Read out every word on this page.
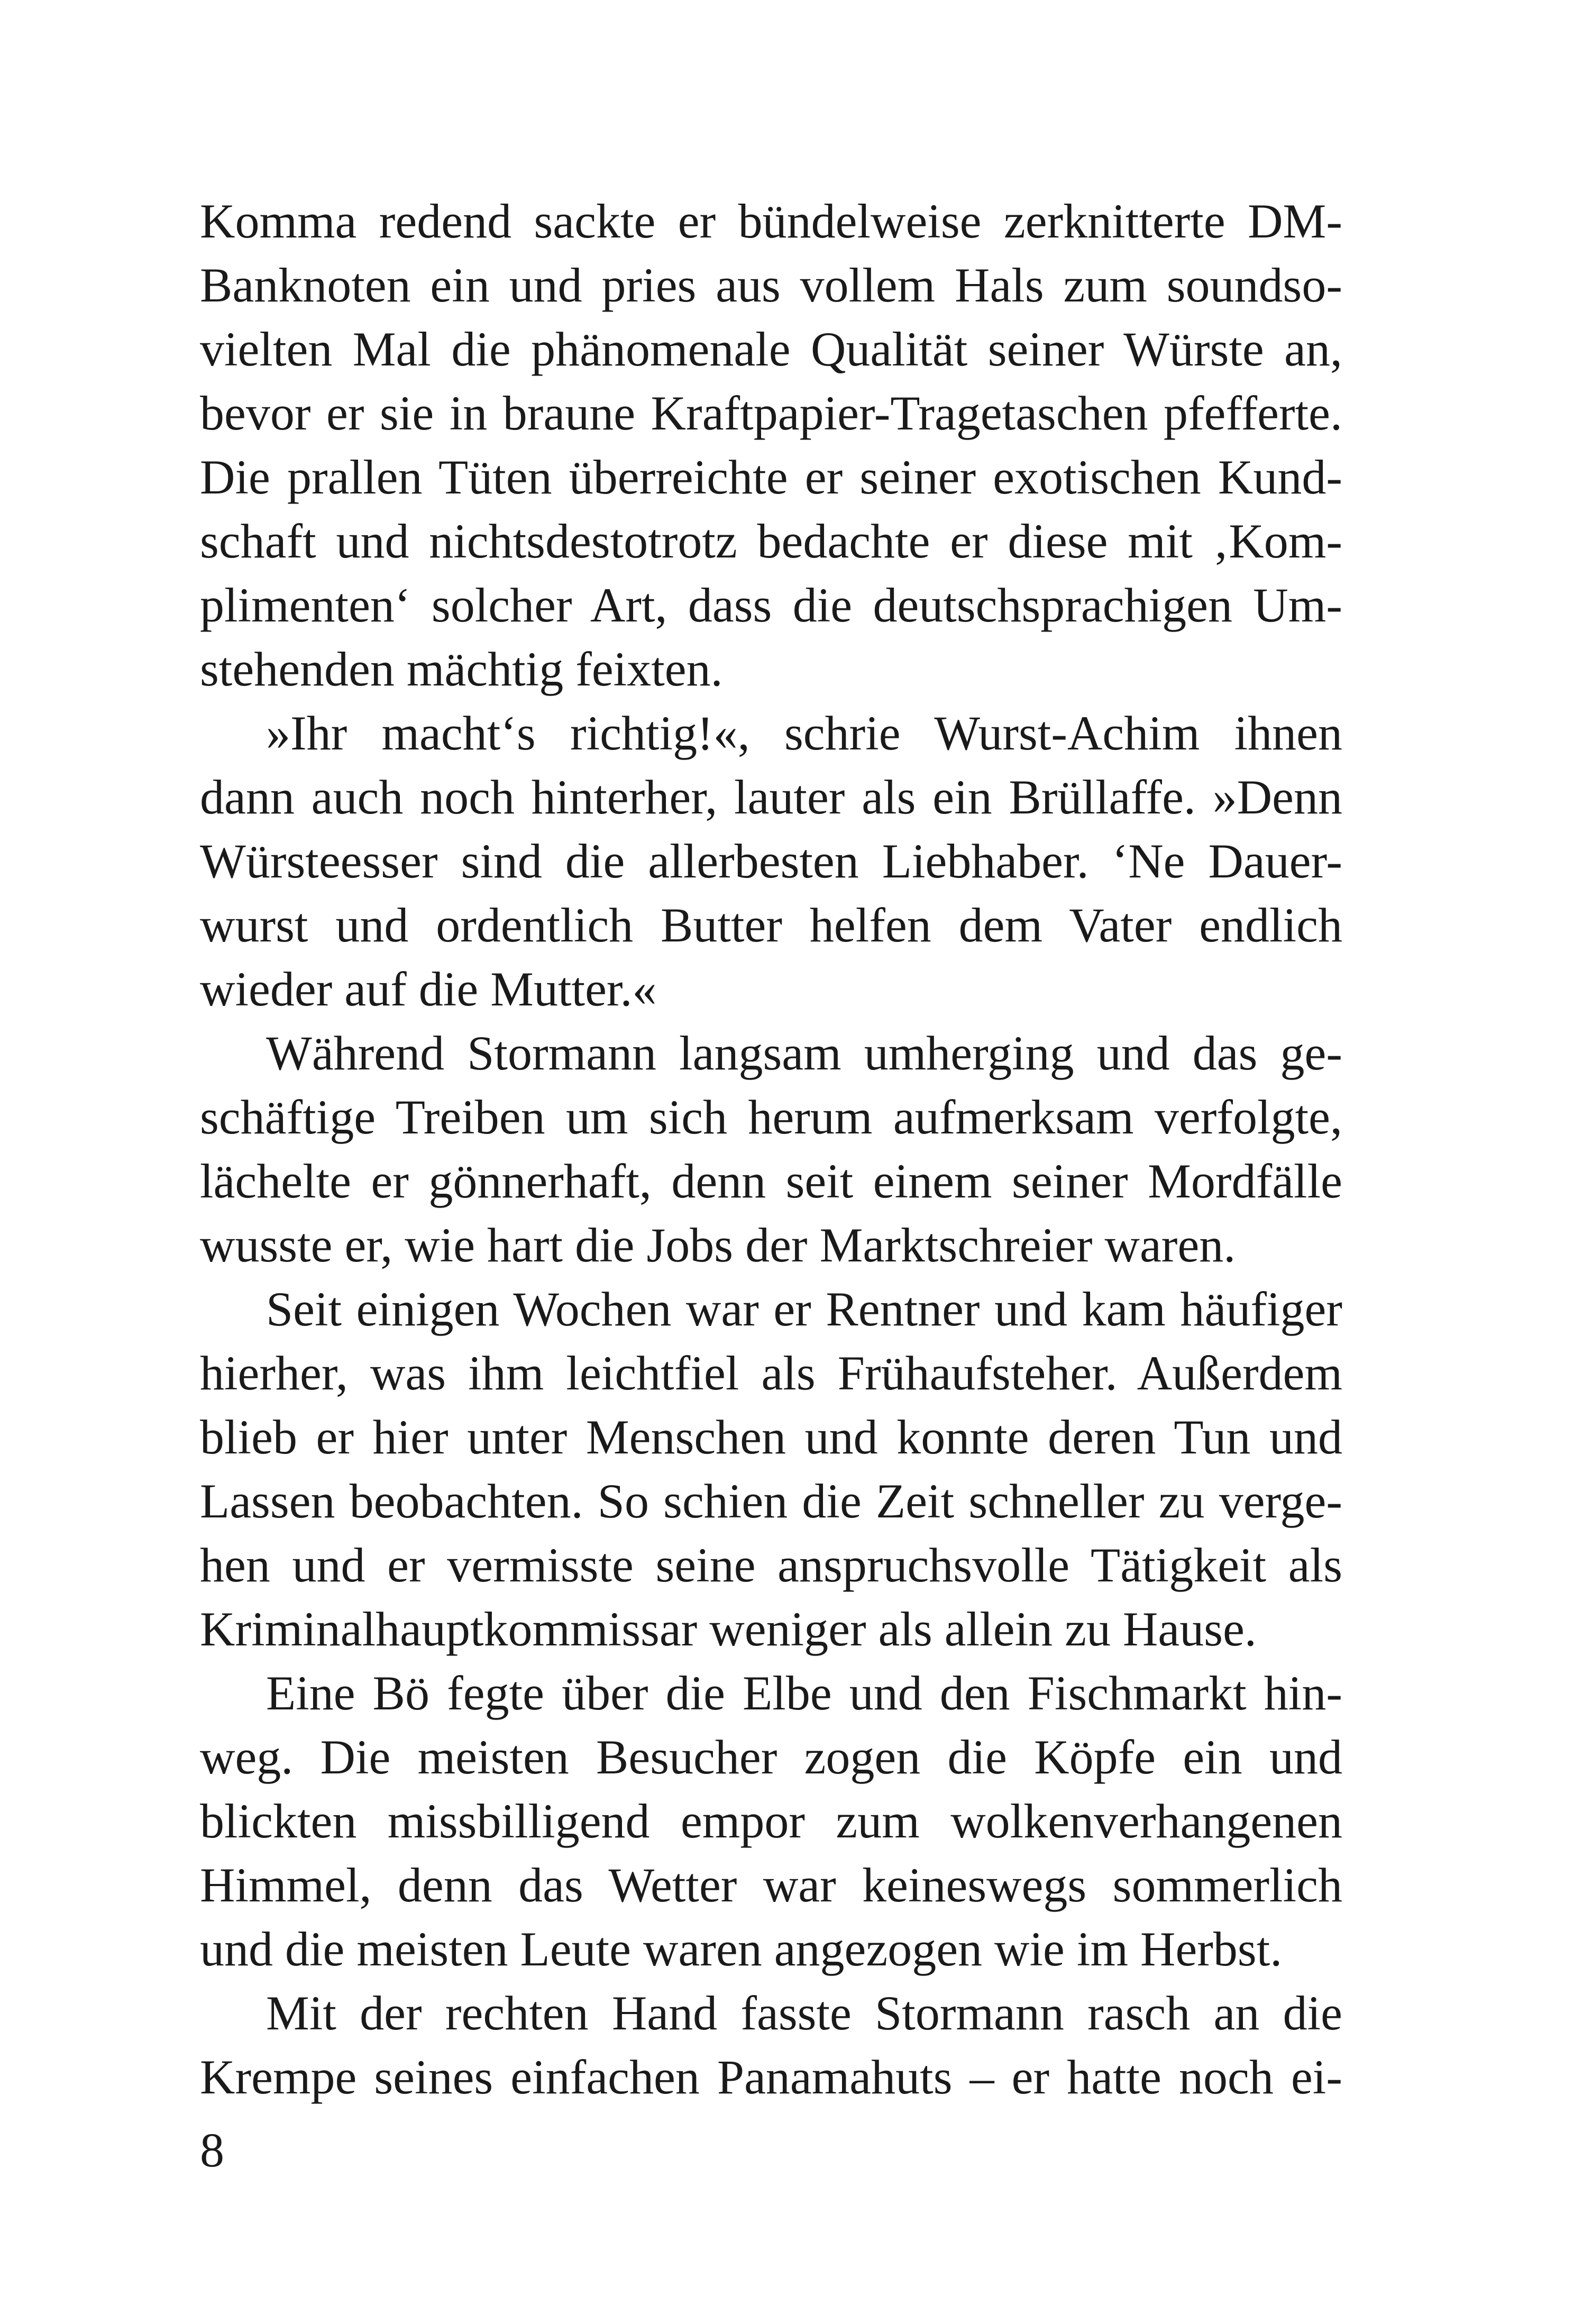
Komma redend sackte er bündelweise zerknitterte DM-
Banknoten ein und pries aus vollem Hals zum soundso-
vielten Mal die phänomenale Qualität seiner Würste an,
bevor er sie in braune Kraftpapier-Tragetaschen pfefferte.
Die prallen Tüten überreichte er seiner exotischen Kund-
schaft und nichtsdestotrotz bedachte er diese mit ‚Kom-
plimenten‘ solcher Art, dass die deutschsprachigen Um-
stehenden mächtig feixten.
»Ihr macht‘s richtig!«, schrie Wurst-Achim ihnen
dann auch noch hinterher, lauter als ein Brüllaffe. »Denn
Würsteesser sind die allerbesten Liebhaber. ‘Ne Dauer-
wurst und ordentlich Butter helfen dem Vater endlich
wieder auf die Mutter.«
Während Stormann langsam umherging und das ge-
schäftige Treiben um sich herum aufmerksam verfolgte,
lächelte er gönnerhaft, denn seit einem seiner Mordfälle
wusste er, wie hart die Jobs der Marktschreier waren.
Seit einigen Wochen war er Rentner und kam häufiger
hierher, was ihm leichtfiel als Frühaufsteher. Außerdem
blieb er hier unter Menschen und konnte deren Tun und
Lassen beobachten. So schien die Zeit schneller zu verge-
hen und er vermisste seine anspruchsvolle Tätigkeit als
Kriminalhauptkommissar weniger als allein zu Hause.
Eine Bö fegte über die Elbe und den Fischmarkt hin-
weg. Die meisten Besucher zogen die Köpfe ein und
blickten missbilligend empor zum wolkenverhangenen
Himmel, denn das Wetter war keineswegs sommerlich
und die meisten Leute waren angezogen wie im Herbst.
Mit der rechten Hand fasste Stormann rasch an die
Krempe seines einfachen Panamahuts – er hatte noch ei-
8
